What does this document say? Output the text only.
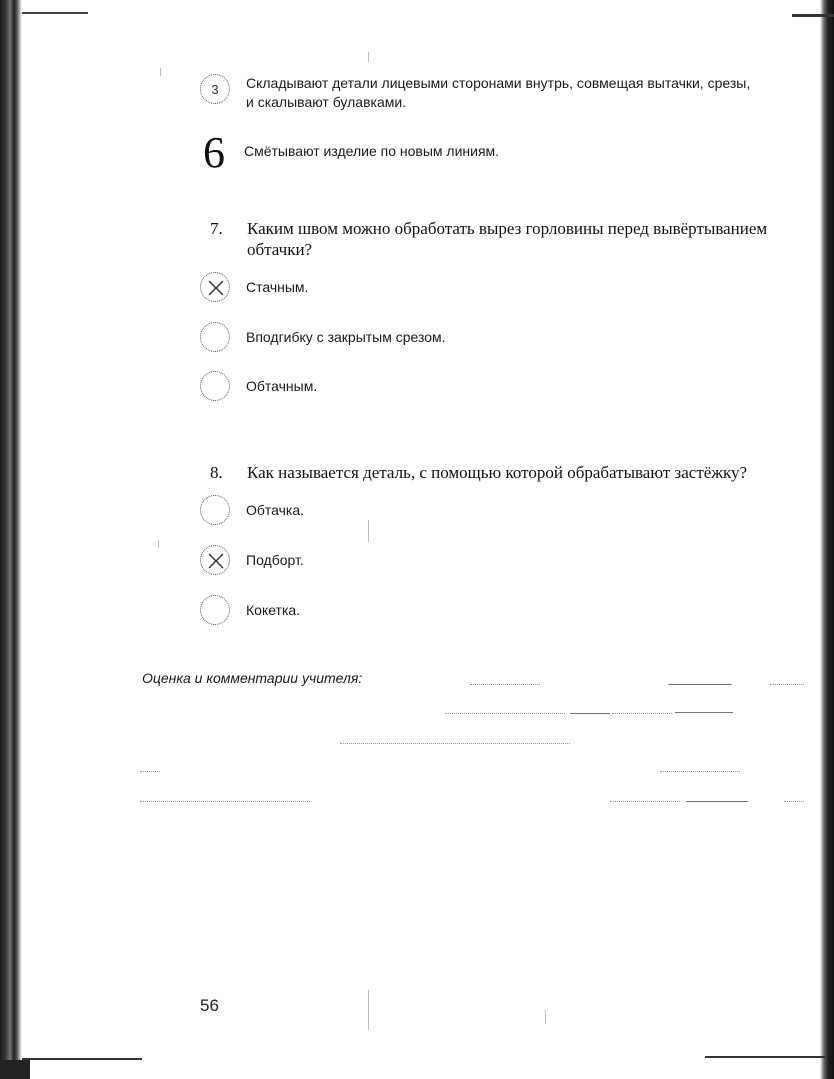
3 Складывают детали лицевыми сторонами внутрь, совмещая вытачки, срезы,
и скалывают булавками.
6	Смётывают изделие по новым линиям.
7.	Каким швом можно обработать вырез горловины перед вывёртыванием обтачки?
Стачным.
Вподгибку с закрытым срезом.
Обтачным.
8.	Как называется деталь, с помощью которой обрабатывают застёжку?
Обтачка.
Подборт.
Кокетка.
Оценка и комментарии учителя:
56
